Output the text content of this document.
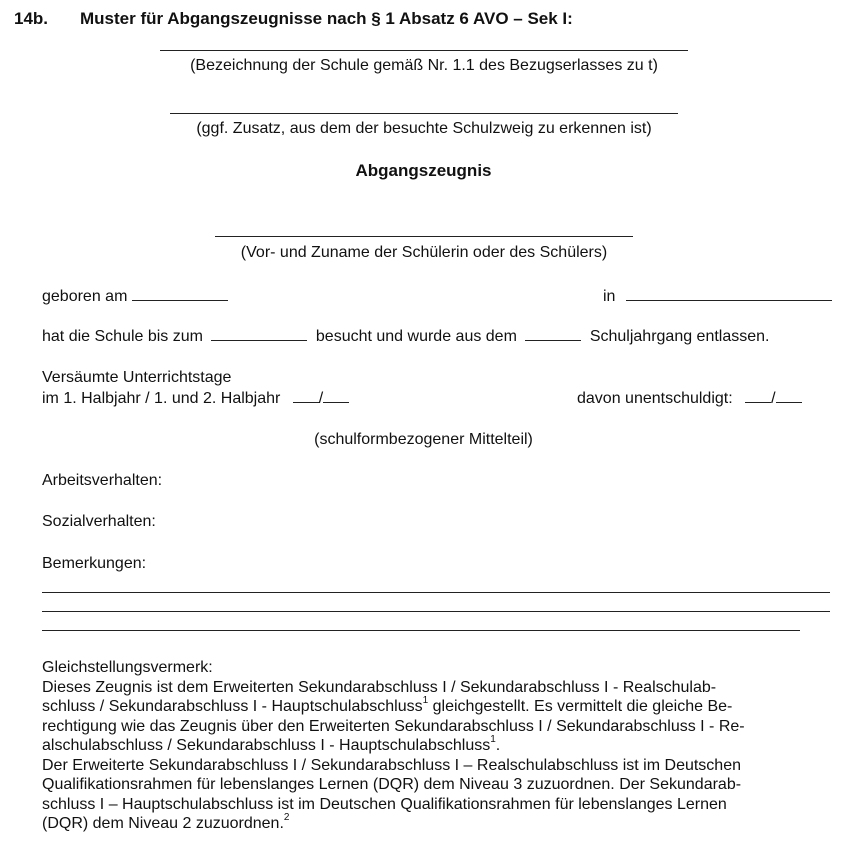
14b. Muster für Abgangszeugnisse nach § 1 Absatz 6 AVO – Sek I:
(Bezeichnung der Schule gemäß Nr. 1.1 des Bezugserlasses zu t)
(ggf. Zusatz, aus dem der besuchte Schulzweig zu erkennen ist)
Abgangszeugnis
(Vor- und Zuname der Schülerin oder des Schülers)
geboren am	in
hat die Schule bis zum	besucht und wurde aus dem	Schuljahrgang entlassen.
Versäumte Unterrichtstage
im 1. Halbjahr / 1. und 2. Halbjahr /	davon unentschuldigt: /
(schulformbezogener Mittelteil)
Arbeitsverhalten:
Sozialverhalten:
Bemerkungen:
Gleichstellungsvermerk:
Dieses Zeugnis ist dem Erweiterten Sekundarabschluss I / Sekundarabschluss I - Realschulab-
schluss / Sekundarabschluss I - Hauptschulabschluss$^1$ gleichgestellt. Es vermittelt die gleiche Be-
rechtigung wie das Zeugnis über den Erweiterten Sekundarabschluss I / Sekundarabschluss I - Re-
alschulabschluss / Sekundarabschluss I - Hauptschulabschluss$^1$.
Der Erweiterte Sekundarabschluss I / Sekundarabschluss I – Realschulabschluss ist im Deutschen
Qualifikationsrahmen für lebenslanges Lernen (DQR) dem Niveau 3 zuzuordnen. Der Sekundarab-
schluss I – Hauptschulabschluss ist im Deutschen Qualifikationsrahmen für lebenslanges Lernen
(DQR) dem Niveau 2 zuzuordnen.$^2$
